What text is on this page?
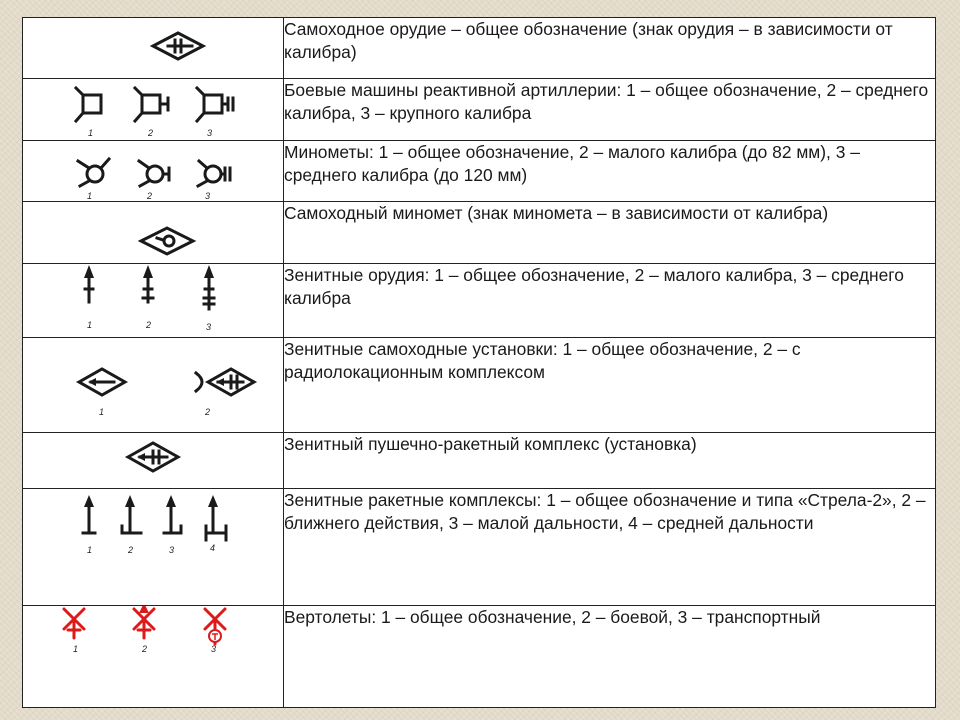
	Самоходное орудие – общее обозначение (знак орудия – в зависимости от калибра)

1 2 3	Боевые машины реактивной артиллерии: 1 – общее обозначение, 2 – среднего калибра, 3 – крупного калибра

1 2 3	Минометы: 1 – общее обозначение, 2 – малого калибра (до 82 мм), 3 – среднего калибра (до 120 мм)

	Самоходный миномет (знак миномета – в зависимости от калибра)

1 2 3	Зенитные орудия: 1 – общее обозначение, 2 – малого калибра, 3 – среднего калибра

1 2	Зенитные самоходные установки: 1 – общее обозначение, 2 – с радиолокационным комплексом

	Зенитный пушечно-ракетный комплекс (установка)

1 2 3 4	Зенитные ракетные комплексы: 1 – общее обозначение и типа «Стрела-2», 2 – ближнего действия, 3 – малой дальности, 4 – средней дальности

1 2 3	Вертолеты: 1 – общее обозначение, 2 – боевой, 3 – транспортный
